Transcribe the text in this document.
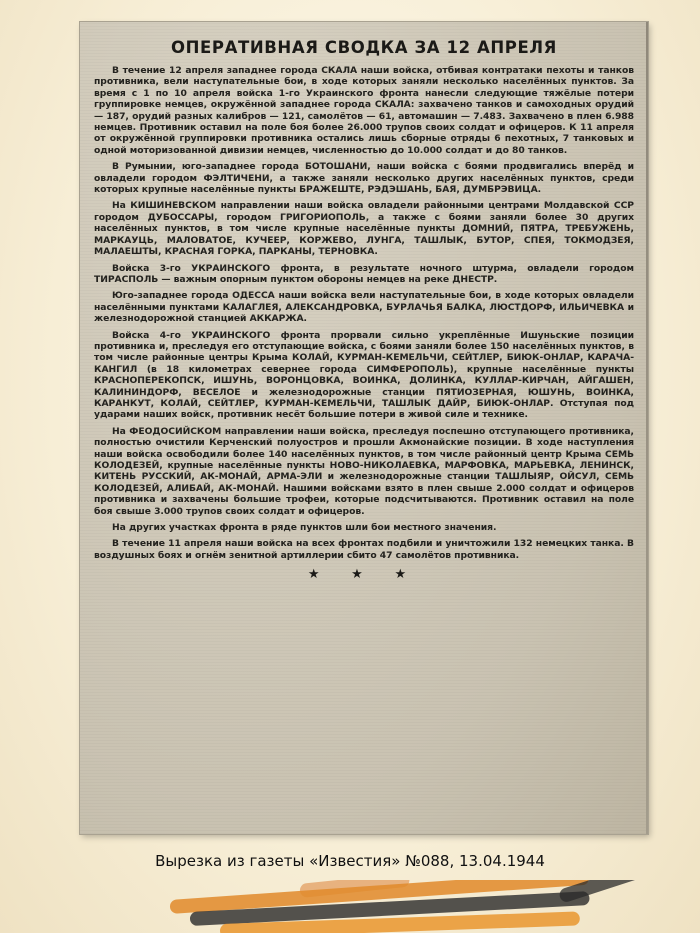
ОПЕРАТИВНАЯ СВОДКА ЗА 12 АПРЕЛЯ

В течение 12 апреля западнее города СКАЛА наши войска, отбивая контратаки пехоты и танков противника, вели наступательные бои, в ходе которых заняли несколько населённых пунктов. За время с 1 по 10 апреля войска 1-го Украинского фронта нанесли следующие тяжёлые потери группировке немцев, окружённой западнее города СКАЛА: захвачено танков и самоходных орудий — 187, орудий разных калибров — 121, самолётов — 61, автомашин — 7.483. Захвачено в плен 6.988 немцев. Противник оставил на поле боя более 26.000 трупов своих солдат и офицеров. К 11 апреля от окружённой группировки противника остались лишь сборные отряды 6 пехотных, 7 танковых и одной моторизованной дивизии немцев, численностью до 10.000 солдат и до 80 танков.

В Румынии, юго-западнее города БОТОШАНИ, наши войска с боями продвигались вперёд и овладели городом ФЭЛТИЧЕНИ, а также заняли несколько других населённых пунктов, среди которых крупные населённые пункты БРАЖЕШТЕ, РЭДЭШАНЬ, БАЯ, ДУМБРЭВИЦА.

На КИШИНЕВСКОМ направлении наши войска овладели районными центрами Молдавской ССР городом ДУБОССАРЫ, городом ГРИГОРИОПОЛЬ, а также с боями заняли более 30 других населённых пунктов, в том числе крупные населённые пункты ДОМНИЙ, ПЯТРА, ТРЕБУЖЕНЬ, МАРКАУЦЬ, МАЛОВАТОЕ, КУЧЕЕР, КОРЖЕВО, ЛУНГА, ТАШЛЫК, БУТОР, СПЕЯ, ТОКМОДЗЕЯ, МАЛАЕШТЫ, КРАСНАЯ ГОРКА, ПАРКАНЫ, ТЕРНОВКА.

Войска 3-го УКРАИНСКОГО фронта, в результате ночного штурма, овладели городом ТИРАСПОЛЬ — важным опорным пунктом обороны немцев на реке ДНЕСТР.

Юго-западнее города ОДЕССА наши войска вели наступательные бои, в ходе которых овладели населёнными пунктами КАЛАГЛЕЯ, АЛЕКСАНДРОВКА, БУРЛАЧЬЯ БАЛКА, ЛЮСТДОРФ, ИЛЬИЧЕВКА и железнодорожной станцией АККАРЖА.

Войска 4-го УКРАИНСКОГО фронта прорвали сильно укреплённые Ишуньские позиции противника и, преследуя его отступающие войска, с боями заняли более 150 населённых пунктов, в том числе районные центры Крыма КОЛАЙ, КУРМАН-КЕМЕЛЬЧИ, СЕЙТЛЕР, БИЮК-ОНЛАР, КАРАЧА-КАНГИЛ (в 18 километрах севернее города СИМФЕРОПОЛЬ), крупные населённые пункты КРАСНОПЕРЕКОПСК, ИШУНЬ, ВОРОНЦОВКА, ВОИНКА, ДОЛИНКА, КУЛЛАР-КИРЧАН, АЙГАШЕН, КАЛИНИНДОРФ, ВЕСЕЛОЕ и железнодорожные станции ПЯТИОЗЕРНАЯ, ЮШУНЬ, ВОИНКА, КАРАНКУТ, КОЛАЙ, СЕЙТЛЕР, КУРМАН-КЕМЕЛЬЧИ, ТАШЛЫК ДАЙР, БИЮК-ОНЛАР. Отступая под ударами наших войск, противник несёт большие потери в живой силе и технике.

На ФЕОДОСИЙСКОМ направлении наши войска, преследуя поспешно отступающего противника, полностью очистили Керченский полуостров и прошли Акмонайские позиции. В ходе наступления наши войска освободили более 140 населённых пунктов, в том числе районный центр Крыма СЕМЬ КОЛОДЕЗЕЙ, крупные населённые пункты НОВО-НИКОЛАЕВКА, МАРФОВКА, МАРЬЕВКА, ЛЕНИНСК, КИТЕНЬ РУССКИЙ, АК-МОНАЙ, АРМА-ЭЛИ и железнодорожные станции ТАШЛЫЯР, ОЙСУЛ, СЕМЬ КОЛОДЕЗЕЙ, АЛИБАЙ, АК-МОНАЙ. Нашими войсками взято в плен свыше 2.000 солдат и офицеров противника и захвачены большие трофеи, которые подсчитываются. Противник оставил на поле боя свыше 3.000 трупов своих солдат и офицеров.

На других участках фронта в ряде пунктов шли бои местного значения.

В течение 11 апреля наши войска на всех фронтах подбили и уничтожили 132 немецких танка. В воздушных боях и огнём зенитной артиллерии сбито 47 самолётов противника.

★ ★ ★
Вырезка из газеты «Известия» №088, 13.04.1944
